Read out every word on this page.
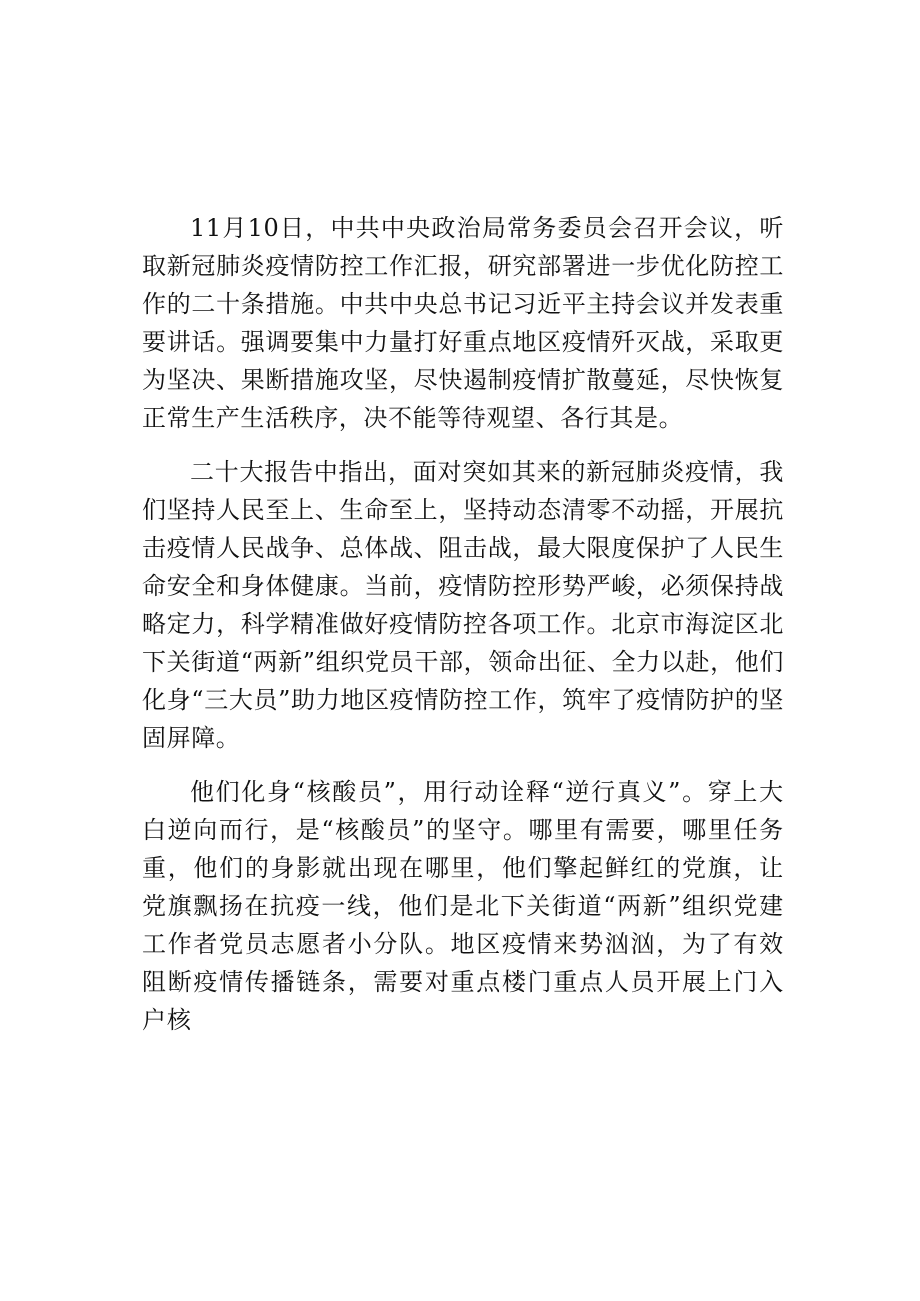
11月10日，中共中央政治局常务委员会召开会议，听取新冠肺炎疫情防控工作汇报，研究部署进一步优化防控工作的二十条措施。中共中央总书记习近平主持会议并发表重要讲话。强调要集中力量打好重点地区疫情歼灭战，采取更为坚决、果断措施攻坚，尽快遏制疫情扩散蔓延，尽快恢复正常生产生活秩序，决不能等待观望、各行其是。

二十大报告中指出，面对突如其来的新冠肺炎疫情，我们坚持人民至上、生命至上，坚持动态清零不动摇，开展抗击疫情人民战争、总体战、阻击战，最大限度保护了人民生命安全和身体健康。当前，疫情防控形势严峻，必须保持战略定力，科学精准做好疫情防控各项工作。北京市海淀区北下关街道“两新”组织党员干部，领命出征、全力以赴，他们化身“三大员”助力地区疫情防控工作，筑牢了疫情防护的坚固屏障。

他们化身“核酸员”，用行动诠释“逆行真义”。穿上大白逆向而行，是“核酸员”的坚守。哪里有需要，哪里任务重，他们的身影就出现在哪里，他们擎起鲜红的党旗，让党旗飘扬在抗疫一线，他们是北下关街道“两新”组织党建工作者党员志愿者小分队。地区疫情来势汹汹，为了有效阻断疫情传播链条，需要对重点楼门重点人员开展上门入户核
